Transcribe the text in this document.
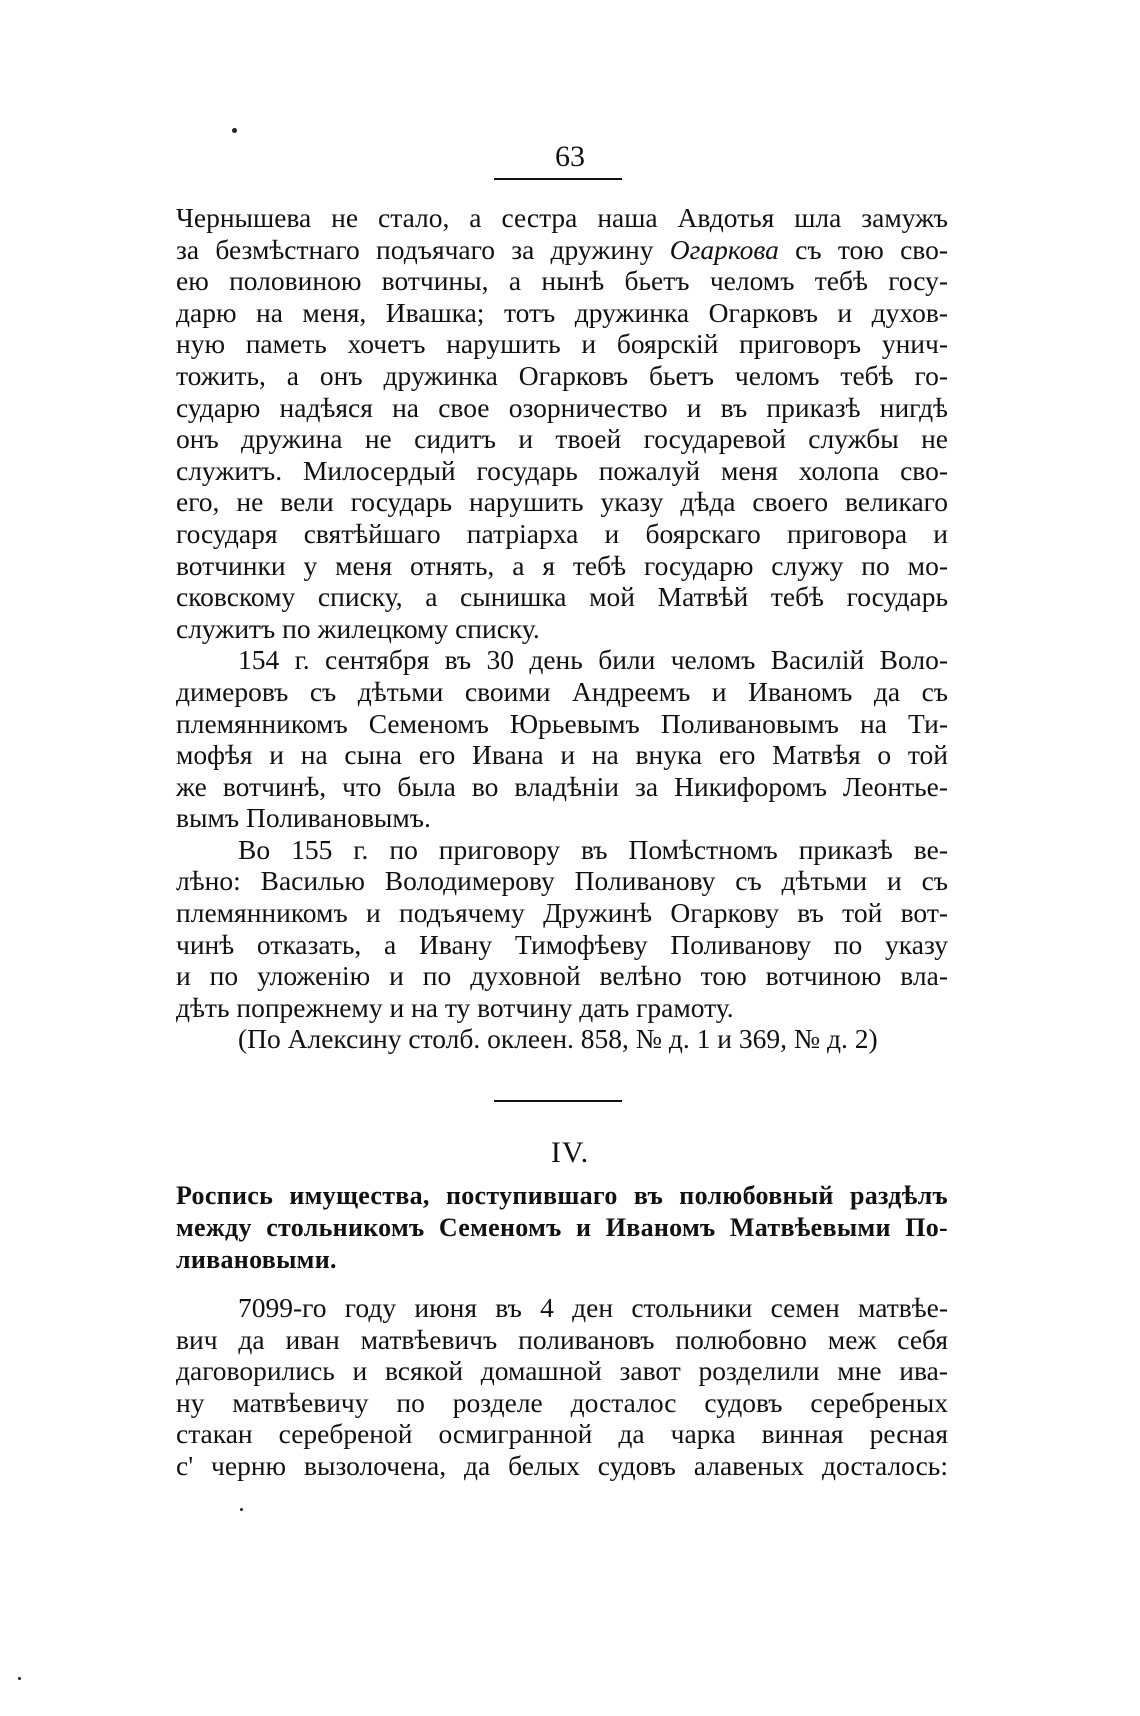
63
Чернышева не стало, а сестра наша Авдотья шла замужъ
за безмѣстнаго подъячаго за дружину Огаркова съ тою сво-
ею половиною вотчины, а нынѣ бьетъ челомъ тебѣ госу-
дарю на меня, Ивашка; тотъ дружинка Огарковъ и духов-
ную паметь хочетъ нарушить и боярскій приговоръ унич-
тожить, а онъ дружинка Огарковъ бьетъ челомъ тебѣ го-
сударю надѣяся на свое озорничество и въ приказѣ нигдѣ
онъ дружина не сидитъ и твоей государевой службы не
служитъ. Милосердый государь пожалуй меня холопа сво-
его, не вели государь нарушить указу дѣда своего великаго
государя святѣйшаго патріарха и боярскаго приговора и
вотчинки у меня отнять, а я тебѣ государю служу по мо-
сковскому списку, а сынишка мой Матвѣй тебѣ государь
служитъ по жилецкому списку.
154 г. сентября въ 30 день били челомъ Василій Воло-
димеровъ съ дѣтьми своими Андреемъ и Иваномъ да съ
племянникомъ Семеномъ Юрьевымъ Поливановымъ на Ти-
мофѣя и на сына его Ивана и на внука его Матвѣя о той
же вотчинѣ, что была во владѣніи за Никифоромъ Леонтье-
вымъ Поливановымъ.
Во 155 г. по приговору въ Помѣстномъ приказѣ ве-
лѣно: Василью Володимерову Поливанову съ дѣтьми и съ
племянникомъ и подъячему Дружинѣ Огаркову въ той вот-
чинѣ отказать, а Ивану Тимофѣеву Поливанову по указу
и по уложенію и по духовной велѣно тою вотчиною вла-
дѣть попрежнему и на ту вотчину дать грамоту.
(По Алексину столб. оклеен. 858, № д. 1 и 369, № д. 2)
IV.
Роспись имущества, поступившаго въ полюбовный раздѣлъ
между стольникомъ Семеномъ и Иваномъ Матвѣевыми По-
ливановыми.
7099-го году июня въ 4 ден стольники семен матвѣе-
вич да иван матвѣевичъ поливановъ полюбовно меж себя
даговорились и всякой домашной завот розделили мне ива-
ну матвѣевичу по розделе досталос судовъ серебреных
стакан серебреной осмигранной да чарка винная ресная
с' черню вызолочена, да белых судовъ алавеных досталось:
